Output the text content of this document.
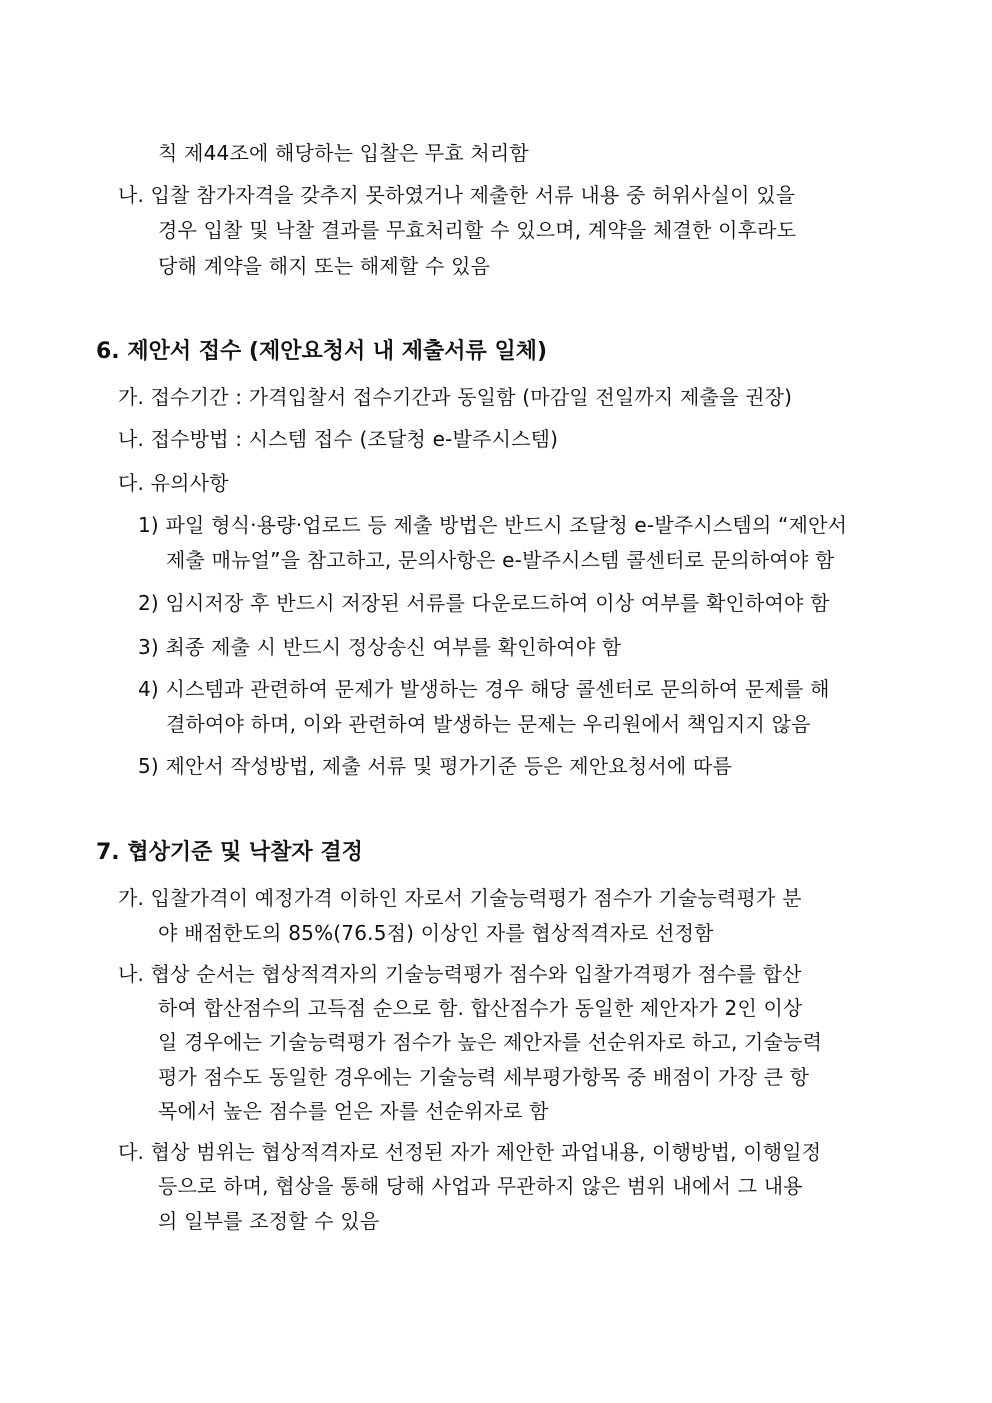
칙 제44조에 해당하는 입찰은 무효 처리함
나. 입찰 참가자격을 갖추지 못하였거나 제출한 서류 내용 중 허위사실이 있을
경우 입찰 및 낙찰 결과를 무효처리할 수 있으며, 계약을 체결한 이후라도
당해 계약을 해지 또는 해제할 수 있음
6. 제안서 접수 (제안요청서 내 제출서류 일체)
가. 접수기간 : 가격입찰서 접수기간과 동일함 (마감일 전일까지 제출을 권장)
나. 접수방법 : 시스템 접수 (조달청 e-발주시스템)
다. 유의사항
1) 파일 형식·용량·업로드 등 제출 방법은 반드시 조달청 e-발주시스템의 “제안서
제출 매뉴얼”을 참고하고, 문의사항은 e-발주시스템 콜센터로 문의하여야 함
2) 임시저장 후 반드시 저장된 서류를 다운로드하여 이상 여부를 확인하여야 함
3) 최종 제출 시 반드시 정상송신 여부를 확인하여야 함
4) 시스템과 관련하여 문제가 발생하는 경우 해당 콜센터로 문의하여 문제를 해
결하여야 하며, 이와 관련하여 발생하는 문제는 우리원에서 책임지지 않음
5) 제안서 작성방법, 제출 서류 및 평가기준 등은 제안요청서에 따름
7. 협상기준 및 낙찰자 결정
가. 입찰가격이 예정가격 이하인 자로서 기술능력평가 점수가 기술능력평가 분
야 배점한도의 85%(76.5점) 이상인 자를 협상적격자로 선정함
나. 협상 순서는 협상적격자의 기술능력평가 점수와 입찰가격평가 점수를 합산
하여 합산점수의 고득점 순으로 함. 합산점수가 동일한 제안자가 2인 이상
일 경우에는 기술능력평가 점수가 높은 제안자를 선순위자로 하고, 기술능력
평가 점수도 동일한 경우에는 기술능력 세부평가항목 중 배점이 가장 큰 항
목에서 높은 점수를 얻은 자를 선순위자로 함
다. 협상 범위는 협상적격자로 선정된 자가 제안한 과업내용, 이행방법, 이행일정
등으로 하며, 협상을 통해 당해 사업과 무관하지 않은 범위 내에서 그 내용
의 일부를 조정할 수 있음
